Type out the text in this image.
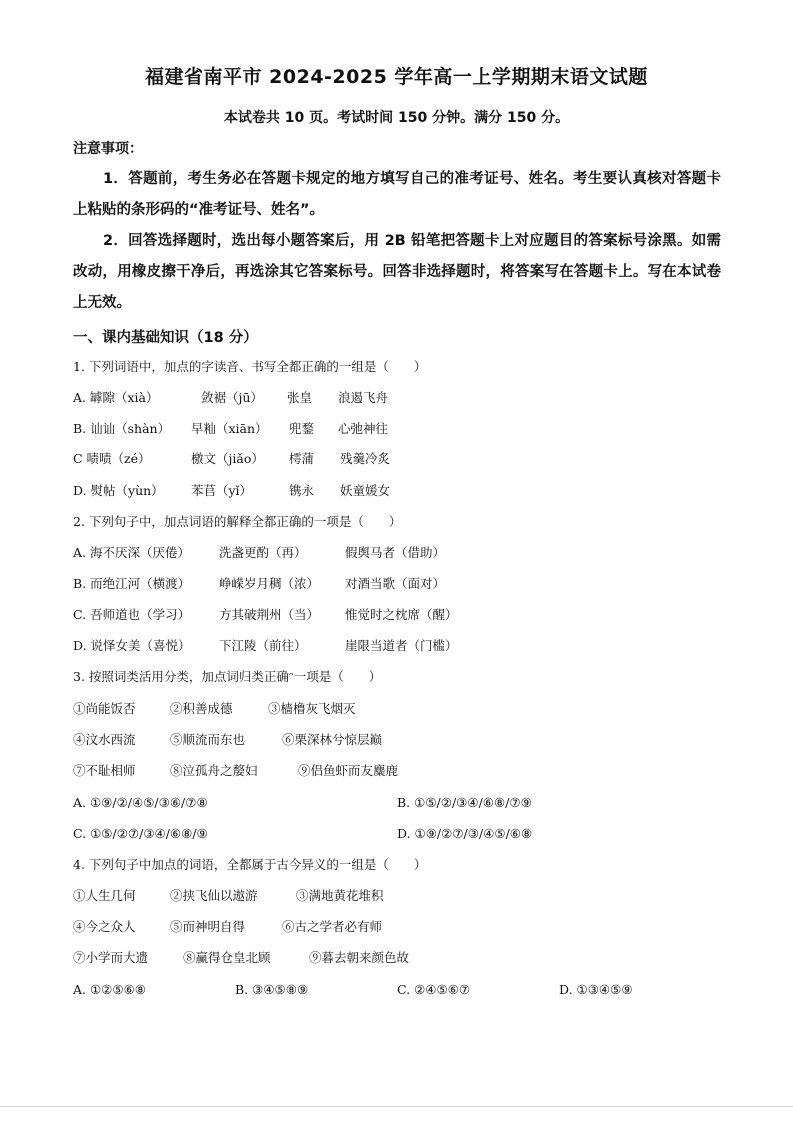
福建省南平市 2024-2025 学年高一上学期期末语文试题
本试卷共 10 页。考试时间 150 分钟。满分 150 分。
注意事项：

1．答题前，考生务必在答题卡规定的地方填写自己的准考证号、姓名。考生要认真核对答题卡上粘贴的条形码的“准考证号、姓名”。

2．回答选择题时，选出每小题答案后，用 2B 铅笔把答题卡上对应题目的答案标号涂黑。如需改动，用橡皮擦干净后，再选涂其它答案标号。回答非选择题时，将答案写在答题卡上。写在本试卷上无效。

一、课内基础知识（18 分）
1. 下列词语中，加点的字读音、书写全都正确的一组是（　　）
A. 罅隙（xià）	敛裾（jū）	张皇	浪遏飞舟
B. 讪讪（shàn）	早籼（xiān）	兜鍪	心弛神往
C 啧啧（zé）	檄文（jiǎo）	樗蒲	残羹冷炙
D. 熨帖（yùn）	苯苢（yǐ）	镌永	妖童媛女
2. 下列句子中，加点词语的解释全都正确的一项是（　　）
A. 海不厌深（厌倦）	洗盏更酌（再）	假舆马者（借助）
B. 而绝江河（横渡）	峥嵘岁月稠（浓）	对酒当歌（面对）
C. 吾师道也（学习）	方其破荆州（当）	惟觉时之枕席（醒）
D. 说怿女美（喜悦）	下江陵（前往）	崖限当道者（门槛）
3. 按照词类活用分类，加点词归类正确ᵔ一项是（　　）
①尚能饭否	②积善成德	③樯橹灰飞烟灭
④汶水西流	⑤顺流而东也	⑥栗深林兮惊层巅
⑦不耻相师	⑧泣孤舟之嫠妇	⑨侣鱼虾而友麋鹿
A. ①⑨/②/④⑤/③⑥/⑦⑧	B. ①⑤/②/③④/⑥⑧/⑦⑨
C. ①⑤/②⑦/③④/⑥⑧/⑨	D. ①⑨/②⑦/③/④⑤/⑥⑧
4. 下列句子中加点的词语，全都属于古今异义的一组是（　　）
①人生几何	②挟飞仙以遨游	③满地黄花堆积
④今之众人	⑤而神明自得	⑥古之学者必有师
⑦小学而大遗	⑧赢得仓皇北顾	⑨暮去朝来颜色故
A. ①②⑤⑥⑧	B. ③④⑤⑧⑨	C. ②④⑤⑥⑦	D. ①③④⑤⑨
